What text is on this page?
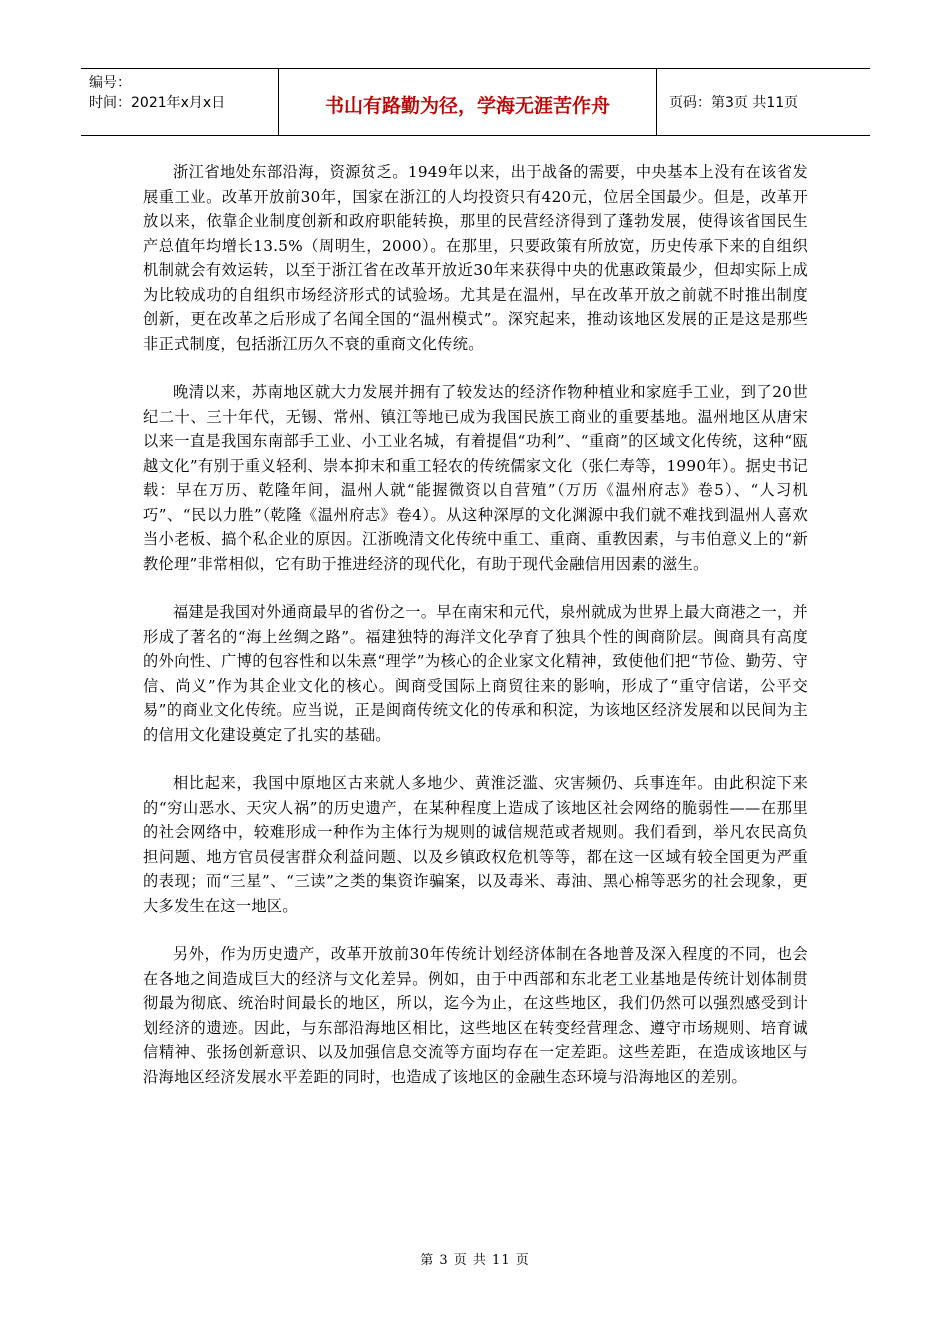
编号：
时间：2021年x月x日	书山有路勤为径，学海无涯苦作舟	页码：第3页 共11页

浙江省地处东部沿海，资源贫乏。1949年以来，出于战备的需要，中央基本上没有在该省发展重工业。改革开放前30年，国家在浙江的人均投资只有420元，位居全国最少。但是，改革开放以来，依靠企业制度创新和政府职能转换，那里的民营经济得到了蓬勃发展，使得该省国民生产总值年均增长13.5%（周明生，2000）。在那里，只要政策有所放宽，历史传承下来的自组织机制就会有效运转，以至于浙江省在改革开放近30年来获得中央的优惠政策最少，但却实际上成为比较成功的自组织市场经济形式的试验场。尤其是在温州，早在改革开放之前就不时推出制度创新，更在改革之后形成了名闻全国的“温州模式”。深究起来，推动该地区发展的正是这是那些非正式制度，包括浙江历久不衰的重商文化传统。

晚清以来，苏南地区就大力发展并拥有了较发达的经济作物种植业和家庭手工业，到了20世纪二十、三十年代，无锡、常州、镇江等地已成为我国民族工商业的重要基地。温州地区从唐宋以来一直是我国东南部手工业、小工业名城，有着提倡“功利”、“重商”的区域文化传统，这种“瓯越文化”有别于重义轻利、崇本抑末和重工轻农的传统儒家文化（张仁寿等，1990年）。据史书记载：早在万历、乾隆年间，温州人就“能握微资以自营殖”（万历《温州府志》卷5）、“人习机巧”、“民以力胜”（乾隆《温州府志》卷4）。从这种深厚的文化渊源中我们就不难找到温州人喜欢当小老板、搞个私企业的原因。江浙晚清文化传统中重工、重商、重教因素，与韦伯意义上的“新教伦理”非常相似，它有助于推进经济的现代化，有助于现代金融信用因素的滋生。

福建是我国对外通商最早的省份之一。早在南宋和元代，泉州就成为世界上最大商港之一，并形成了著名的“海上丝绸之路”。福建独特的海洋文化孕育了独具个性的闽商阶层。闽商具有高度的外向性、广博的包容性和以朱熹“理学”为核心的企业家文化精神，致使他们把“节俭、勤劳、守信、尚义”作为其企业文化的核心。闽商受国际上商贸往来的影响，形成了“重守信诺，公平交易”的商业文化传统。应当说，正是闽商传统文化的传承和积淀，为该地区经济发展和以民间为主的信用文化建设奠定了扎实的基础。

相比起来，我国中原地区古来就人多地少、黄淮泛滥、灾害频仍、兵事连年。由此积淀下来的“穷山恶水、天灾人祸”的历史遗产，在某种程度上造成了该地区社会网络的脆弱性——在那里的社会网络中，较难形成一种作为主体行为规则的诚信规范或者规则。我们看到，举凡农民高负担问题、地方官员侵害群众利益问题、以及乡镇政权危机等等，都在这一区域有较全国更为严重的表现；而“三星”、“三读”之类的集资诈骗案，以及毒米、毒油、黑心棉等恶劣的社会现象，更大多发生在这一地区。

另外，作为历史遗产，改革开放前30年传统计划经济体制在各地普及深入程度的不同，也会在各地之间造成巨大的经济与文化差异。例如，由于中西部和东北老工业基地是传统计划体制贯彻最为彻底、统治时间最长的地区，所以，迄今为止，在这些地区，我们仍然可以强烈感受到计划经济的遗迹。因此，与东部沿海地区相比，这些地区在转变经营理念、遵守市场规则、培育诚信精神、张扬创新意识、以及加强信息交流等方面均存在一定差距。这些差距，在造成该地区与沿海地区经济发展水平差距的同时，也造成了该地区的金融生态环境与沿海地区的差别。

第 3 页 共 11 页
